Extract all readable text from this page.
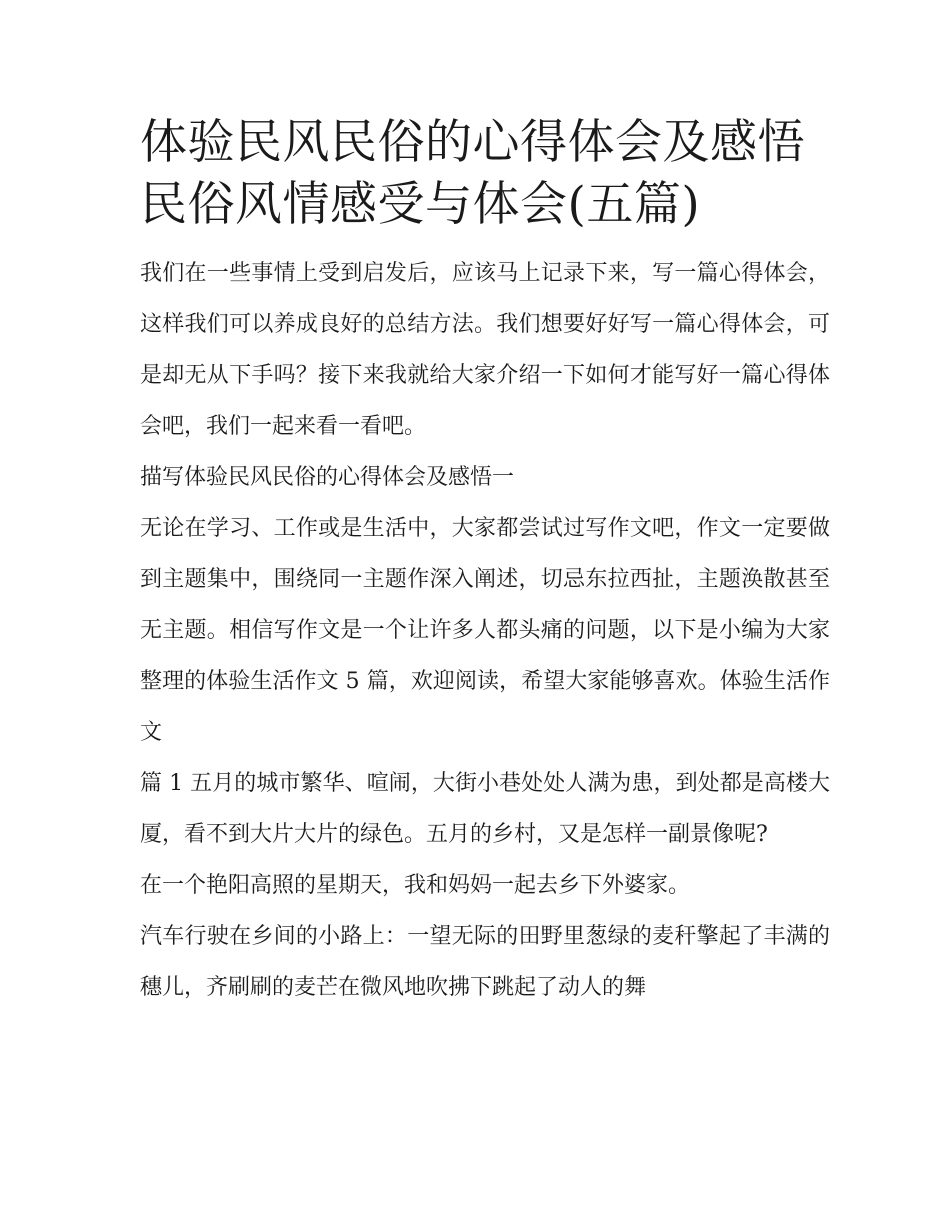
体验民风民俗的心得体会及感悟 民俗风情感受与体会(五篇)

我们在一些事情上受到启发后，应该马上记录下来，写一篇心得体会，这样我们可以养成良好的总结方法。我们想要好好写一篇心得体会，可是却无从下手吗？接下来我就给大家介绍一下如何才能写好一篇心得体会吧，我们一起来看一看吧。

描写体验民风民俗的心得体会及感悟一

无论在学习、工作或是生活中，大家都尝试过写作文吧，作文一定要做到主题集中，围绕同一主题作深入阐述，切忌东拉西扯，主题涣散甚至无主题。相信写作文是一个让许多人都头痛的问题，以下是小编为大家整理的体验生活作文 5 篇，欢迎阅读，希望大家能够喜欢。体验生活作文

篇 1 五月的城市繁华、喧闹，大街小巷处处人满为患，到处都是高楼大厦，看不到大片大片的绿色。五月的乡村，又是怎样一副景像呢?

在一个艳阳高照的星期天，我和妈妈一起去乡下外婆家。

汽车行驶在乡间的小路上：一望无际的田野里葱绿的麦秆擎起了丰满的穗儿，齐刷刷的麦芒在微风地吹拂下跳起了动人的舞
